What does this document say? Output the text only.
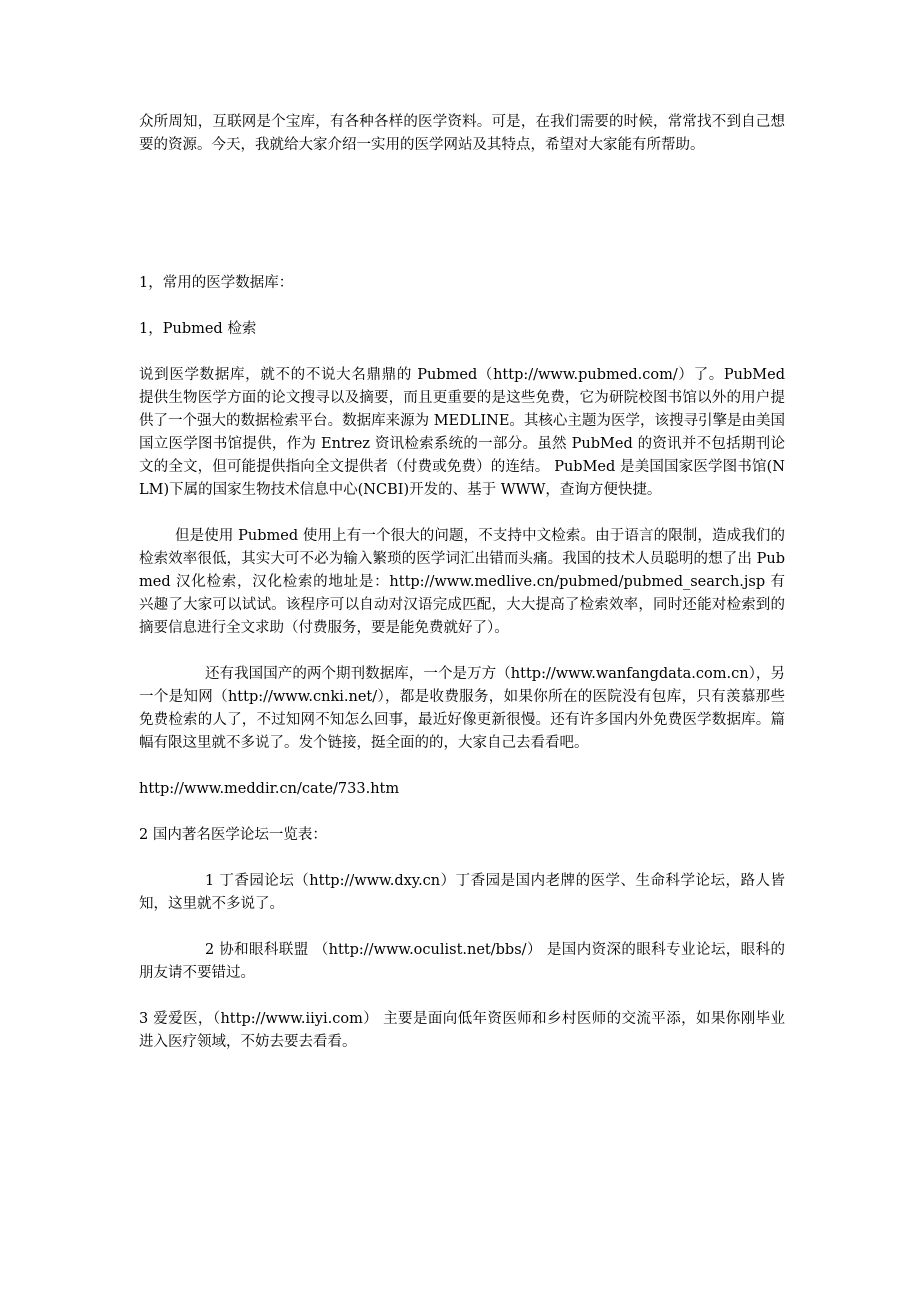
众所周知，互联网是个宝库，有各种各样的医学资料。可是，在我们需要的时候，常常找不到自己想要的资源。今天，我就给大家介绍一实用的医学网站及其特点，希望对大家能有所帮助。

1，常用的医学数据库：

1，Pubmed 检索

说到医学数据库，就不的不说大名鼎鼎的 Pubmed（http://www.pubmed.com/）了。PubMed 提供生物医学方面的论文搜寻以及摘要，而且更重要的是这些免费，它为研院校图书馆以外的用户提供了一个强大的数据检索平台。数据库来源为 MEDLINE。其核心主题为医学，该搜寻引擎是由美国国立医学图书馆提供，作为 Entrez 资讯检索系统的一部分。虽然 PubMed 的资讯并不包括期刊论文的全文，但可能提供指向全文提供者（付费或免费）的连结。 PubMed 是美国国家医学图书馆(NLM)下属的国家生物技术信息中心(NCBI)开发的、基于 WWW，查询方便快捷。

但是使用 Pubmed 使用上有一个很大的问题，不支持中文检索。由于语言的限制，造成我们的检索效率很低，其实大可不必为输入繁琐的医学词汇出错而头痛。我国的技术人员聪明的想了出 Pubmed 汉化检索，汉化检索的地址是：http://www.medlive.cn/pubmed/pubmed_search.jsp 有兴趣了大家可以试试。该程序可以自动对汉语完成匹配，大大提高了检索效率，同时还能对检索到的摘要信息进行全文求助（付费服务，要是能免费就好了）。

还有我国国产的两个期刊数据库，一个是万方（http://www.wanfangdata.com.cn），另一个是知网（http://www.cnki.net/），都是收费服务，如果你所在的医院没有包库，只有羡慕那些免费检索的人了，不过知网不知怎么回事，最近好像更新很慢。还有许多国内外免费医学数据库。篇幅有限这里就不多说了。发个链接，挺全面的的，大家自己去看看吧。

http://www.meddir.cn/cate/733.htm

2 国内著名医学论坛一览表：

1 丁香园论坛（http://www.dxy.cn）丁香园是国内老牌的医学、生命科学论坛，路人皆知，这里就不多说了。

2 协和眼科联盟 （http://www.oculist.net/bbs/） 是国内资深的眼科专业论坛，眼科的朋友请不要错过。

3 爱爱医，（http://www.iiyi.com） 主要是面向低年资医师和乡村医师的交流平添，如果你刚毕业进入医疗领域，不妨去要去看看。
